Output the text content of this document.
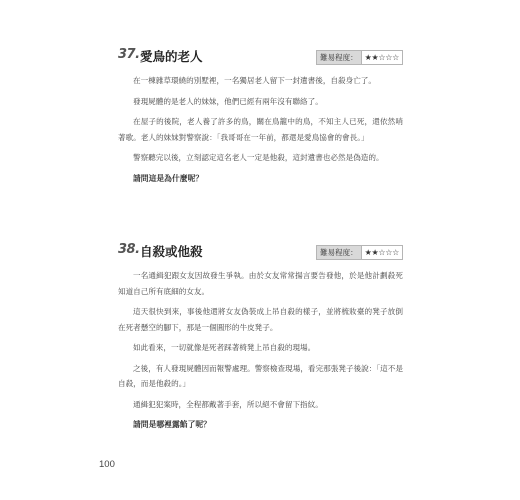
37. 愛鳥的老人	難易程度： ★★☆☆☆

在一棟雜草環繞的別墅裡，一名獨居老人留下一封遺書後，自殺身亡了。

發現屍體的是老人的妹妹，他們已經有兩年沒有聯絡了。

在屋子的後院，老人養了許多的鳥，關在鳥籠中的鳥，不知主人已死，還依然哨著歌。老人的妹妹對警察說：「我哥哥在一年前，都還是愛鳥協會的會長。」

警察聽完以後，立刻認定這名老人一定是他殺，這封遺書也必然是偽造的。

請問這是為什麼呢？

38. 自殺或他殺	難易程度： ★★☆☆☆

一名通緝犯跟女友因故發生爭執。由於女友常常揚言要告發他，於是他計劃殺死知道自己所有底細的女友。

這天很快到來，事後他還將女友偽裝成上吊自殺的樣子，並將梳妝臺的凳子放倒在死者懸空的腳下，那是一個圓形的牛皮凳子。

如此看來，一切就像是死者踩著椅凳上吊自殺的現場。

之後，有人發現屍體因而報警處理。警察檢查現場，看完那張凳子後說：「這不是自殺，而是他殺的。」

通緝犯犯案時，全程都戴著手套，所以絕不會留下指紋。

請問是哪裡露餡了呢？

100
